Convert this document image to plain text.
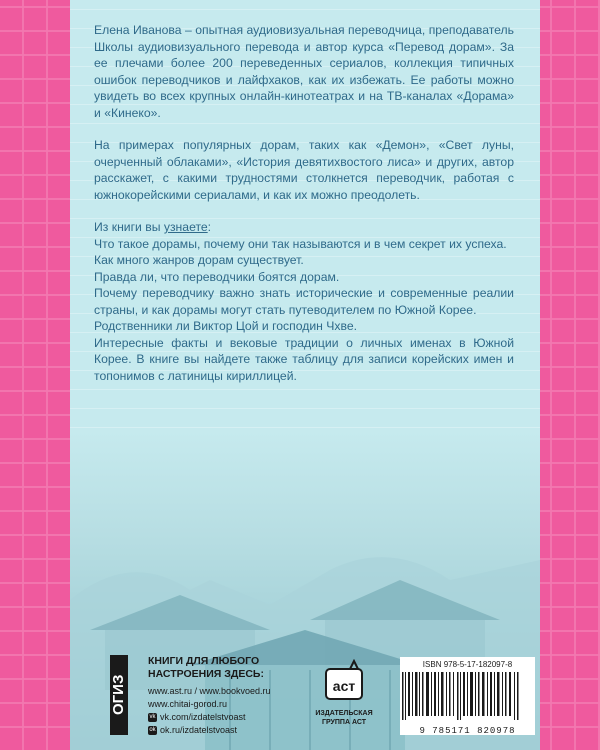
Елена Иванова – опытная аудиовизуальная переводчица, преподаватель Школы аудиовизуального перевода и автор курса «Перевод дорам». За ее плечами более 200 переведенных сериалов, коллекция типичных ошибок переводчиков и лайфхаков, как их избежать. Ее работы можно увидеть во всех крупных онлайн-кинотеатрах и на ТВ-каналах «Дорама» и «Кинеко».

На примерах популярных дорам, таких как «Демон», «Свет луны, очерченный облаками», «История девятихвостого лиса» и других, автор расскажет, с какими трудностями столкнется переводчик, работая с южнокорейскими сериалами, и как их можно преодолеть.

Из книги вы узнаете:

Что такое дорамы, почему они так называются и в чем секрет их успеха.

Как много жанров дорам существует.

Правда ли, что переводчики боятся дорам.

Почему переводчику важно знать исторические и современные реалии страны, и как дорамы могут стать путеводителем по Южной Корее.

Родственники ли Виктор Цой и господин Чхве.

Интересные факты и вековые традиции о личных именах в Южной Корее. В книге вы найдете также таблицу для записи корейских имен и топонимов с латиницы кириллицей.

ОГИЗ
КНИГИ ДЛЯ ЛЮБОГО НАСТРОЕНИЯ ЗДЕСЬ:
www.ast.ru / www.bookvoed.ru
www.chitai-gorod.ru
vk vk.com/izdatelstvoast
ok ok.ru/izdatelstvoast
аст
ИЗДАТЕЛЬСКАЯ ГРУППА АСТ
ISBN 978-5-17-182097-8
9 785171 820978
